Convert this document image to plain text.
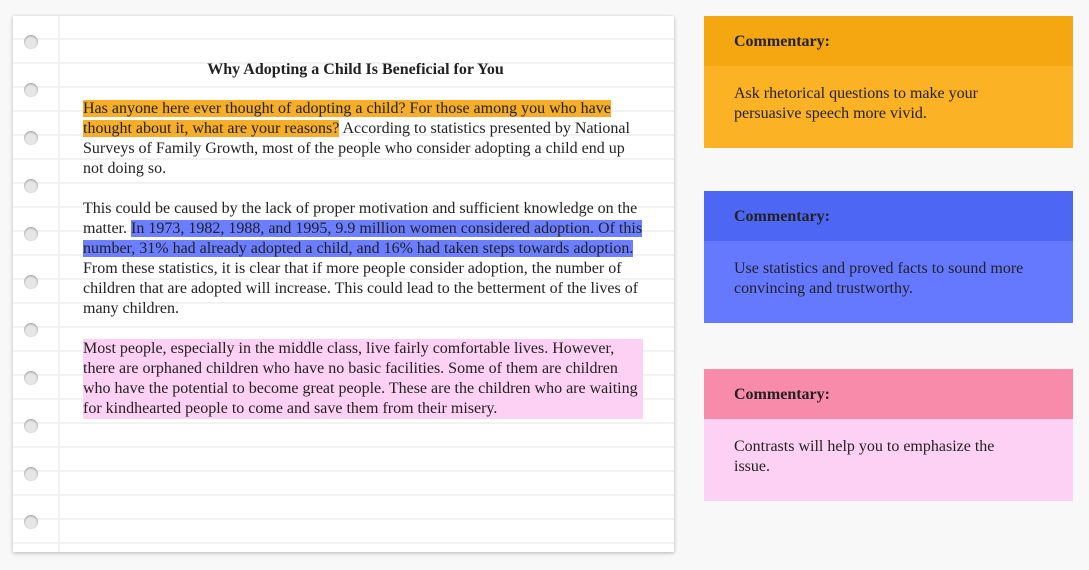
Why Adopting a Child Is Beneficial for You

Has anyone here ever thought of adopting a child? For those among you who have thought about it, what are your reasons? According to statistics presented by National Surveys of Family Growth, most of the people who consider adopting a child end up not doing so.

This could be caused by the lack of proper motivation and sufficient knowledge on the matter. In 1973, 1982, 1988, and 1995, 9.9 million women considered adoption. Of this number, 31% had already adopted a child, and 16% had taken steps towards adoption. From these statistics, it is clear that if more people consider adoption, the number of children that are adopted will increase. This could lead to the betterment of the lives of many children.

Most people, especially in the middle class, live fairly comfortable lives. However, there are orphaned children who have no basic facilities. Some of them are children who have the potential to become great people. These are the children who are waiting for kindhearted people to come and save them from their misery.

Commentary:
Ask rhetorical questions to make your persuasive speech more vivid.
Commentary:
Use statistics and proved facts to sound more convincing and trustworthy.
Commentary:
Contrasts will help you to emphasize the issue.
